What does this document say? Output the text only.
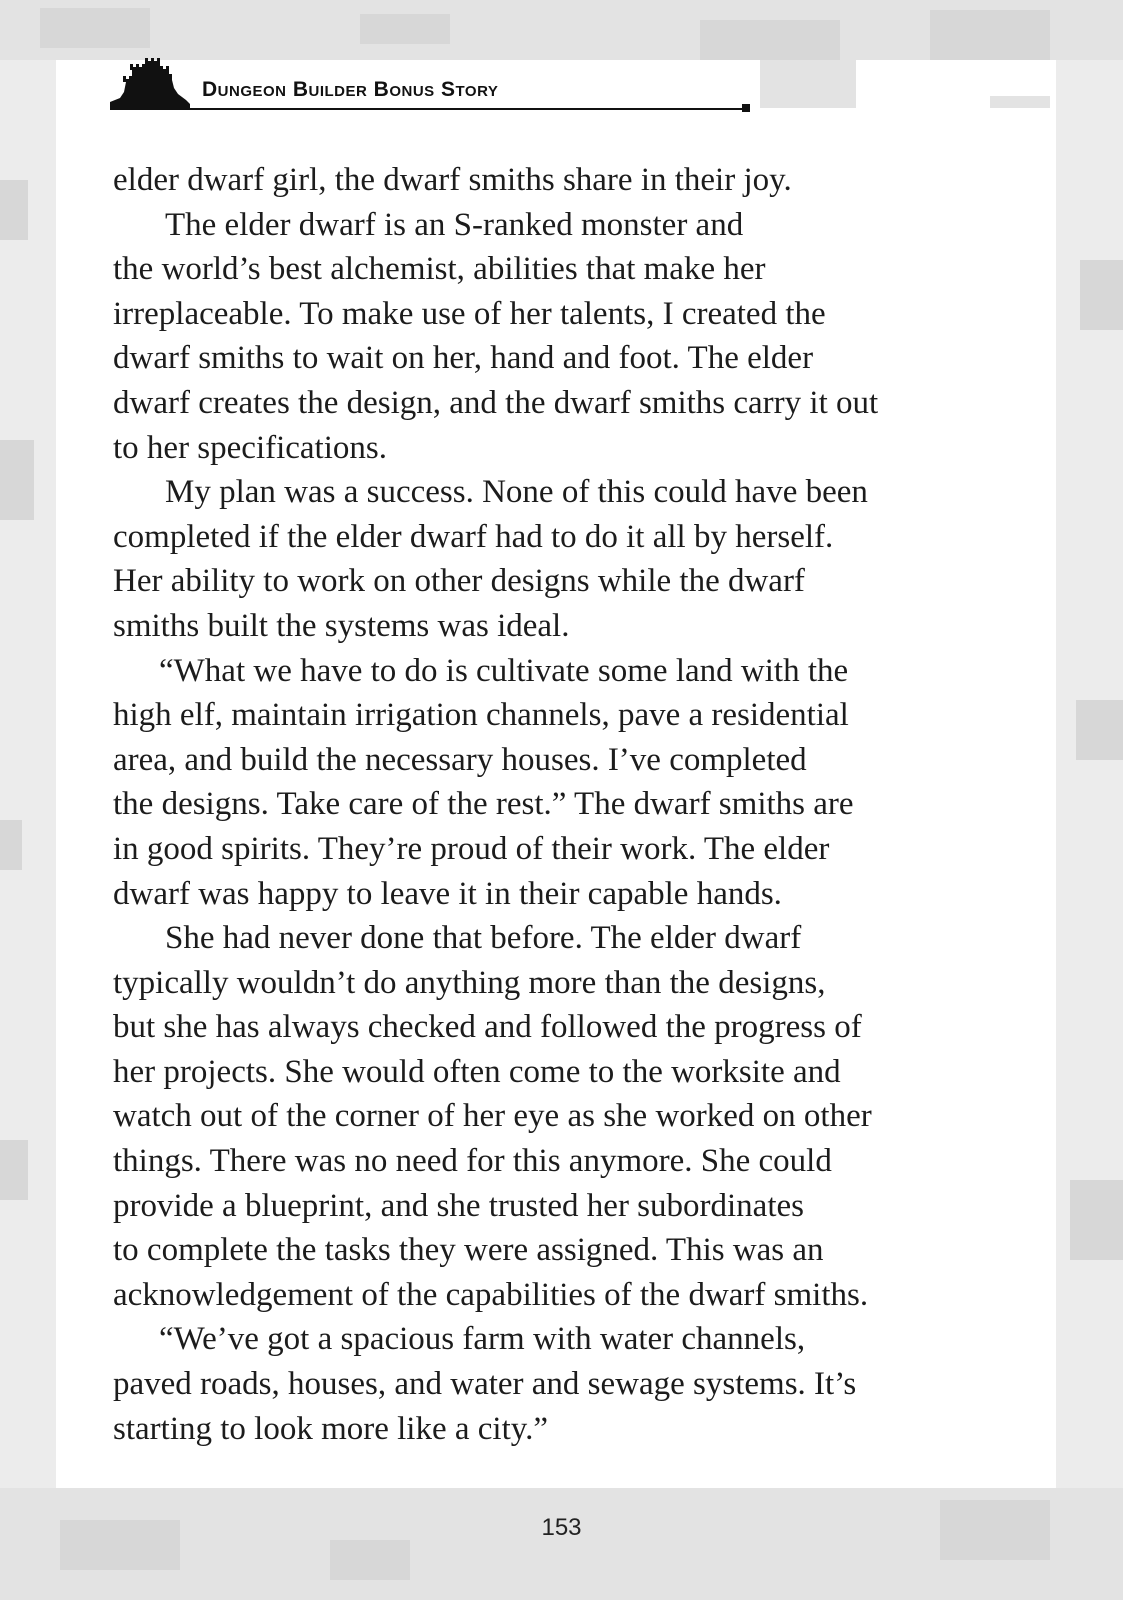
Dungeon Builder Bonus Story

elder dwarf girl, the dwarf smiths share in their joy.

The elder dwarf is an S-ranked monster and
the world’s best alchemist, abilities that make her
irreplaceable. To make use of her talents, I created the
dwarf smiths to wait on her, hand and foot. The elder
dwarf creates the design, and the dwarf smiths carry it out
to her specifications.

My plan was a success. None of this could have been
completed if the elder dwarf had to do it all by herself.
Her ability to work on other designs while the dwarf
smiths built the systems was ideal.

“What we have to do is cultivate some land with the
high elf, maintain irrigation channels, pave a residential
area, and build the necessary houses. I’ve completed
the designs. Take care of the rest.” The dwarf smiths are
in good spirits. They’re proud of their work. The elder
dwarf was happy to leave it in their capable hands.

She had never done that before. The elder dwarf
typically wouldn’t do anything more than the designs,
but she has always checked and followed the progress of
her projects. She would often come to the worksite and
watch out of the corner of her eye as she worked on other
things. There was no need for this anymore. She could
provide a blueprint, and she trusted her subordinates
to complete the tasks they were assigned. This was an
acknowledgement of the capabilities of the dwarf smiths.

“We’ve got a spacious farm with water channels,
paved roads, houses, and water and sewage systems. It’s
starting to look more like a city.”

153
